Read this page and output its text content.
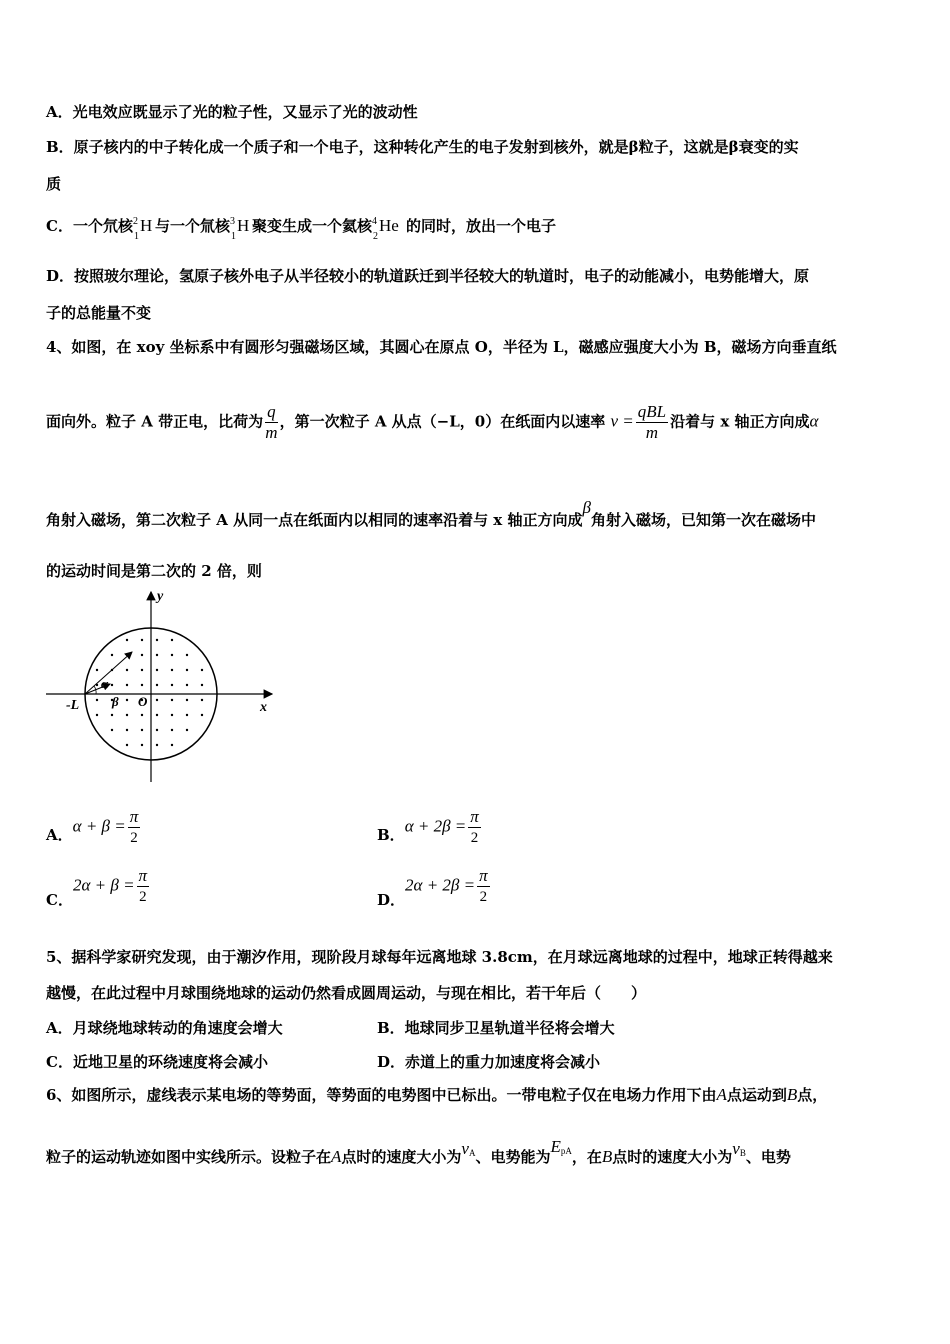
A．光电效应既显示了光的粒子性，又显示了光的波动性
B．原子核内的中子转化成一个质子和一个电子，这种转化产生的电子发射到核外，就是β粒子，这就是β衰变的实
质
C．一个氘核 2
1
H 与一个氚核 3
1
H 聚变生成一个氦核 4
2
He 的同时，放出一个电子
D．按照玻尔理论，氢原子核外电子从半径较小的轨道跃迁到半径较大的轨道时，电子的动能减小，电势能增大，原
子的总能量不变
4、如图，在 xoy 坐标系中有圆形匀强磁场区域，其圆心在原点 O，半径为 L，磁感应强度大小为 B，磁场方向垂直纸
面向外。粒子 A 带正电，比荷为 $\frac{q}{m}$ ，第一次粒子 A 从点（−L，0）在纸面内以速率 $v = \frac{\text{qBL}}{m}$ 沿着与 x 轴正方向成α
角射入磁场，第二次粒子 A 从同一点在纸面内以相同的速率沿着与 x 轴正方向成β角射入磁场，已知第一次在磁场中
的运动时间是第二次的 2 倍，则
y
x
-L	O
α
β
A．$\alpha + \beta = \frac{\pi}{2}$	B．$\alpha + 2\beta = \frac{\pi}{2}$
C．$2\alpha + \beta = \frac{\pi}{2}$	D．$2\alpha + 2\beta = \frac{\pi}{2}$
5、据科学家研究发现，由于潮汐作用，现阶段月球每年远离地球 3.8cm，在月球远离地球的过程中，地球正转得越来
越慢，在此过程中月球围绕地球的运动仍然看成圆周运动，与现在相比，若干年后（　　）
A．月球绕地球转动的角速度会增大	B．地球同步卫星轨道半径将会增大
C．近地卫星的环绕速度将会减小	D．赤道上的重力加速度将会减小
6、如图所示，虚线表示某电场的等势面，等势面的电势图中已标出。一带电粒子仅在电场力作用下由A点运动到B点，
粒子的运动轨迹如图中实线所示。设粒子在A点时的速度大小为vA、电势能为EpA，在B点时的速度大小为vB、电势
